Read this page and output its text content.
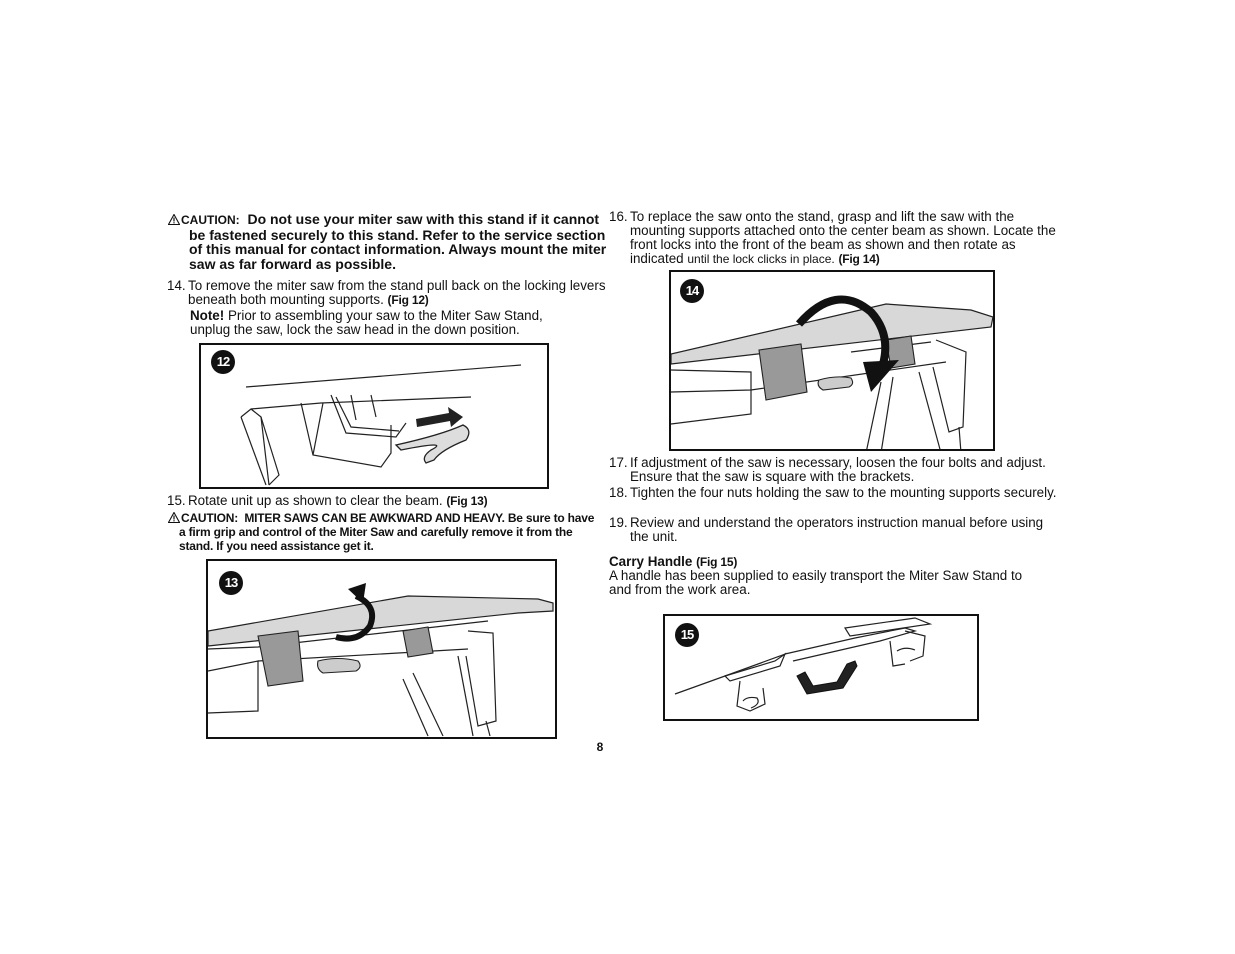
CAUTION: Do not use your miter saw with this stand if it cannot be fastened securely to this stand. Refer to the service section of this manual for contact information. Always mount the miter saw as far forward as possible.
14. To remove the miter saw from the stand pull back on the locking levers beneath both mounting supports. (Fig 12)
Note! Prior to assembling your saw to the Miter Saw Stand, unplug the saw, lock the saw head in the down position.
12
15. Rotate unit up as shown to clear the beam. (Fig 13)
CAUTION: MITER SAWS CAN BE AWKWARD AND HEAVY. Be sure to have a firm grip and control of the Miter Saw and carefully remove it from the stand. If you need assistance get it.
13
16. To replace the saw onto the stand, grasp and lift the saw with the mounting supports attached onto the center beam as shown. Locate the front locks into the front of the beam as shown and then rotate as indicated until the lock clicks in place. (Fig 14)
14
17. If adjustment of the saw is necessary, loosen the four bolts and adjust. Ensure that the saw is square with the brackets.
18. Tighten the four nuts holding the saw to the mounting supports securely.
19. Review and understand the operators instruction manual before using the unit.
Carry Handle (Fig 15)
A handle has been supplied to easily transport the Miter Saw Stand to and from the work area.
15
8
